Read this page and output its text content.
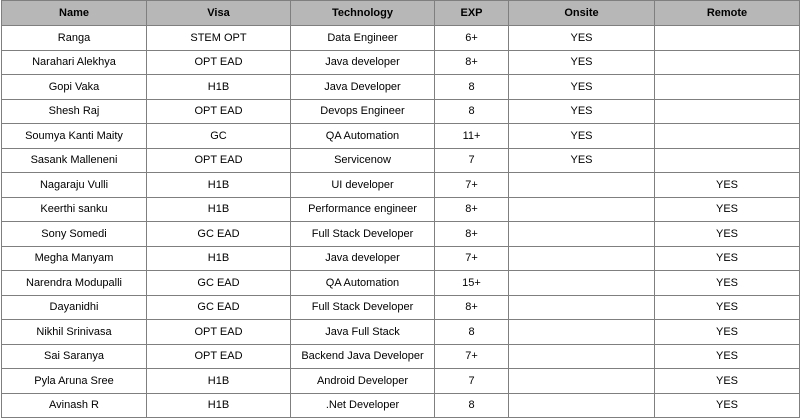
Name	Visa	Technology	EXP	Onsite	Remote
Ranga	STEM OPT	Data Engineer	6+	YES	
Narahari Alekhya	OPT EAD	Java developer	8+	YES	
Gopi Vaka	H1B	Java Developer	8	YES	
Shesh Raj	OPT EAD	Devops Engineer	8	YES	
Soumya Kanti Maity	GC	QA Automation	11+	YES	
Sasank Malleneni	OPT EAD	Servicenow	7	YES	
Nagaraju Vulli	H1B	UI developer	7+		YES
Keerthi sanku	H1B	Performance engineer	8+		YES
Sony Somedi	GC EAD	Full Stack Developer	8+		YES
Megha Manyam	H1B	Java developer	7+		YES
Narendra Modupalli	GC EAD	QA Automation	15+		YES
Dayanidhi	GC EAD	Full Stack Developer	8+		YES
Nikhil Srinivasa	OPT EAD	Java Full Stack	8		YES
Sai Saranya	OPT EAD	Backend Java Developer	7+		YES
Pyla Aruna Sree	H1B	Android Developer	7		YES
Avinash R	H1B	.Net Developer	8		YES
